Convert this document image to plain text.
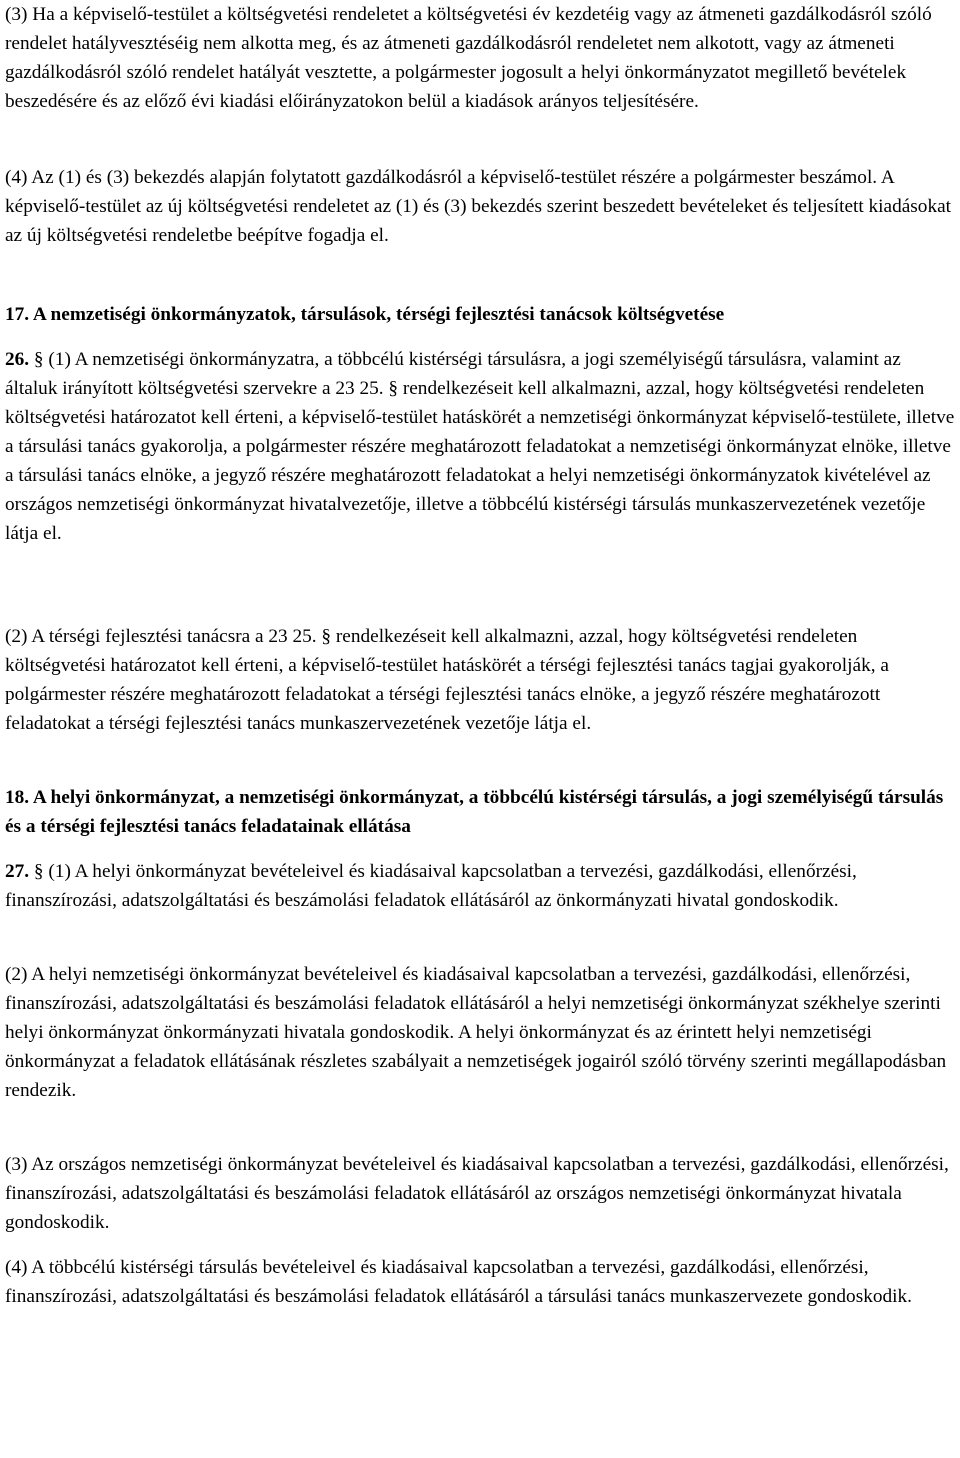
(3) Ha a képviselő-testület a költségvetési rendeletet a költségvetési év kezdetéig vagy az átmeneti gazdálkodásról szóló rendelet hatályvesztéséig nem alkotta meg, és az átmeneti gazdálkodásról rendeletet nem alkotott, vagy az átmeneti gazdálkodásról szóló rendelet hatályát vesztette, a polgármester jogosult a helyi önkormányzatot megillető bevételek beszedésére és az előző évi kiadási előirányzatokon belül a kiadások arányos teljesítésére.

(4) Az (1) és (3) bekezdés alapján folytatott gazdálkodásról a képviselő-testület részére a polgármester beszámol. A képviselő-testület az új költségvetési rendeletet az (1) és (3) bekezdés szerint beszedett bevételeket és teljesített kiadásokat az új költségvetési rendeletbe beépítve fogadja el.

17. A nemzetiségi önkormányzatok, társulások, térségi fejlesztési tanácsok költségvetése

26. § (1) A nemzetiségi önkormányzatra, a többcélú kistérségi társulásra, a jogi személyiségű társulásra, valamint az általuk irányított költségvetési szervekre a 23 25. § rendelkezéseit kell alkalmazni, azzal, hogy költségvetési rendeleten költségvetési határozatot kell érteni, a képviselő-testület hatáskörét a nemzetiségi önkormányzat képviselő-testülete, illetve a társulási tanács gyakorolja, a polgármester részére meghatározott feladatokat a nemzetiségi önkormányzat elnöke, illetve a társulási tanács elnöke, a jegyző részére meghatározott feladatokat a helyi nemzetiségi önkormányzatok kivételével az országos nemzetiségi önkormányzat hivatalvezetője, illetve a többcélú kistérségi társulás munkaszervezetének vezetője látja el.

(2) A térségi fejlesztési tanácsra a 23 25. § rendelkezéseit kell alkalmazni, azzal, hogy költségvetési rendeleten költségvetési határozatot kell érteni, a képviselő-testület hatáskörét a térségi fejlesztési tanács tagjai gyakorolják, a polgármester részére meghatározott feladatokat a térségi fejlesztési tanács elnöke, a jegyző részére meghatározott feladatokat a térségi fejlesztési tanács munkaszervezetének vezetője látja el.

18. A helyi önkormányzat, a nemzetiségi önkormányzat, a többcélú kistérségi társulás, a jogi személyiségű társulás és a térségi fejlesztési tanács feladatainak ellátása

27. § (1) A helyi önkormányzat bevételeivel és kiadásaival kapcsolatban a tervezési, gazdálkodási, ellenőrzési, finanszírozási, adatszolgáltatási és beszámolási feladatok ellátásáról az önkormányzati hivatal gondoskodik.

(2) A helyi nemzetiségi önkormányzat bevételeivel és kiadásaival kapcsolatban a tervezési, gazdálkodási, ellenőrzési, finanszírozási, adatszolgáltatási és beszámolási feladatok ellátásáról a helyi nemzetiségi önkormányzat székhelye szerinti helyi önkormányzat önkormányzati hivatala gondoskodik. A helyi önkormányzat és az érintett helyi nemzetiségi önkormányzat a feladatok ellátásának részletes szabályait a nemzetiségek jogairól szóló törvény szerinti megállapodásban rendezik.

(3) Az országos nemzetiségi önkormányzat bevételeivel és kiadásaival kapcsolatban a tervezési, gazdálkodási, ellenőrzési, finanszírozási, adatszolgáltatási és beszámolási feladatok ellátásáról az országos nemzetiségi önkormányzat hivatala gondoskodik.

(4) A többcélú kistérségi társulás bevételeivel és kiadásaival kapcsolatban a tervezési, gazdálkodási, ellenőrzési, finanszírozási, adatszolgáltatási és beszámolási feladatok ellátásáról a társulási tanács munkaszervezete gondoskodik.
